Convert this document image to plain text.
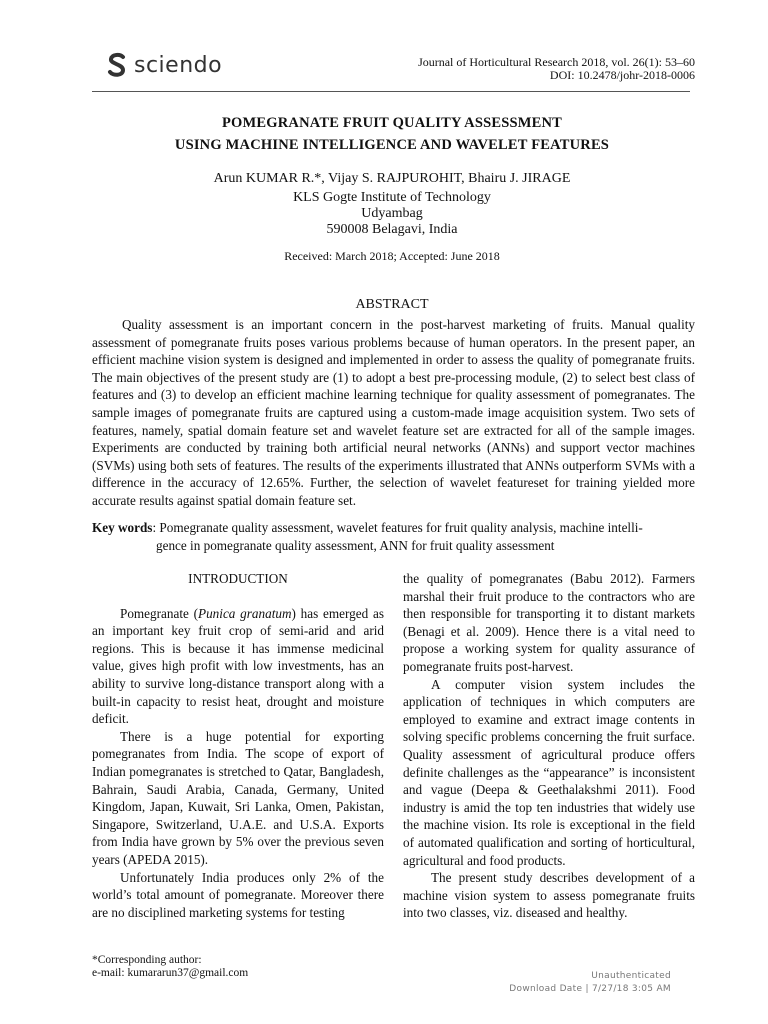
sciendo	Journal of Horticultural Research 2018, vol. 26(1): 53–60
DOI: 10.2478/johr-2018-0006
POMEGRANATE FRUIT QUALITY ASSESSMENT
USING MACHINE INTELLIGENCE AND WAVELET FEATURES
Arun KUMAR R.*, Vijay S. RAJPUROHIT, Bhairu J. JIRAGE
KLS Gogte Institute of Technology
Udyambag
590008 Belagavi, India
Received: March 2018; Accepted: June 2018
ABSTRACT

Quality assessment is an important concern in the post-harvest marketing of fruits. Manual quality assessment of pomegranate fruits poses various problems because of human operators. In the present paper, an efficient machine vision system is designed and implemented in order to assess the quality of pomegranate fruits. The main objectives of the present study are (1) to adopt a best pre-processing module, (2) to select best class of features and (3) to develop an efficient machine learning technique for quality assessment of pomegranates. The sample images of pomegranate fruits are captured using a custom-made image acquisition system. Two sets of features, namely, spatial domain feature set and wavelet feature set are extracted for all of the sample images. Experiments are conducted by training both artificial neural networks (ANNs) and support vector machines (SVMs) using both sets of features. The results of the experiments illustrated that ANNs outperform SVMs with a difference in the accuracy of 12.65%. Further, the selection of wavelet featureset for training yielded more accurate results against spatial domain feature set.

Key words: Pomegranate quality assessment, wavelet features for fruit quality analysis, machine intelli-
gence in pomegranate quality assessment, ANN for fruit quality assessment
INTRODUCTION

Pomegranate (Punica granatum) has emerged as an important key fruit crop of semi-arid and arid regions. This is because it has immense medicinal value, gives high profit with low investments, has an ability to survive long-distance transport along with a built-in capacity to resist heat, drought and moisture deficit.

There is a huge potential for exporting pomegranates from India. The scope of export of Indian pomegranates is stretched to Qatar, Bangladesh, Bahrain, Saudi Arabia, Canada, Germany, United Kingdom, Japan, Kuwait, Sri Lanka, Omen, Pakistan, Singapore, Switzerland, U.A.E. and U.S.A. Exports from India have grown by 5% over the previous seven years (APEDA 2015).

Unfortunately India produces only 2% of the world’s total amount of pomegranate. Moreover there are no disciplined marketing systems for testing

the quality of pomegranates (Babu 2012). Farmers marshal their fruit produce to the contractors who are then responsible for transporting it to distant markets (Benagi et al. 2009). Hence there is a vital need to propose a working system for quality assurance of pomegranate fruits post-harvest.

A computer vision system includes the application of techniques in which computers are employed to examine and extract image contents in solving specific problems concerning the fruit surface. Quality assessment of agricultural produce offers definite challenges as the “appearance” is inconsistent and vague (Deepa & Geethalakshmi 2011). Food industry is amid the top ten industries that widely use the machine vision. Its role is exceptional in the field of automated qualification and sorting of horticultural, agricultural and food products.

The present study describes development of a machine vision system to assess pomegranate fruits into two classes, viz. diseased and healthy.

*Corresponding author:
e-mail: kumararun37@gmail.com	Unauthenticated
Download Date | 7/27/18 3:05 AM
